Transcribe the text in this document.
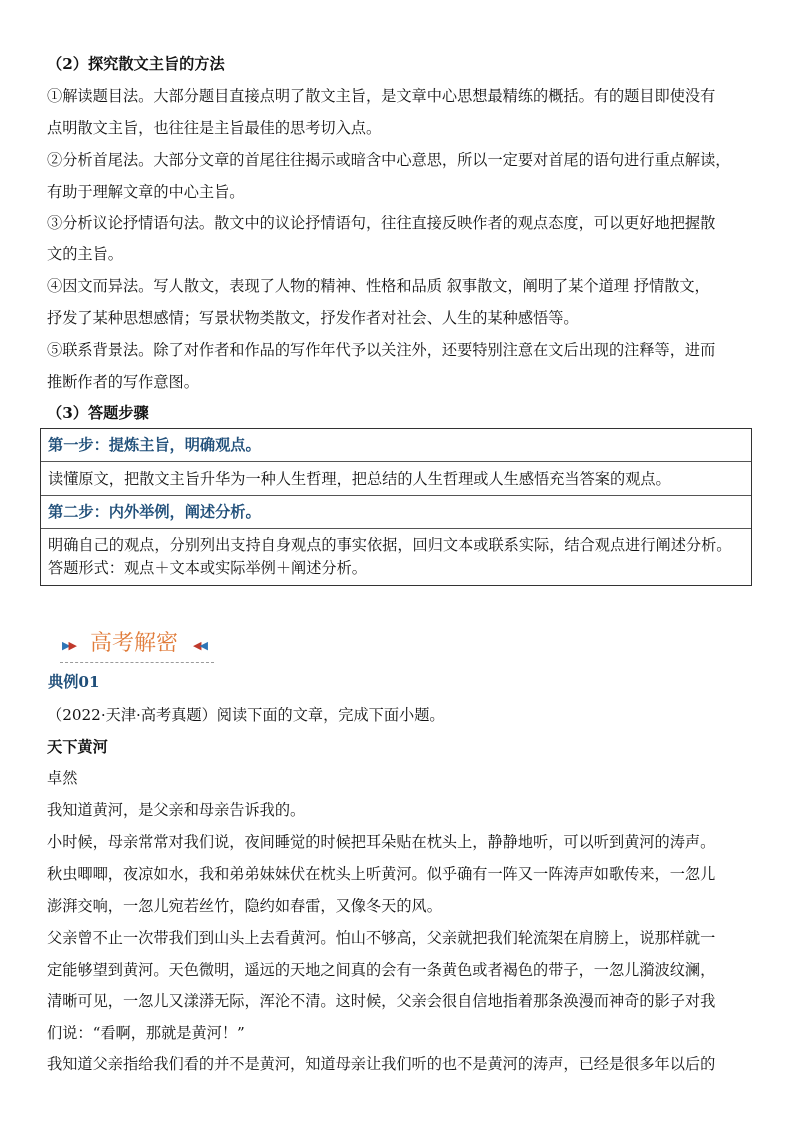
（2）探究散文主旨的方法
①解读题目法。大部分题目直接点明了散文主旨，是文章中心思想最精练的概括。有的题目即使没有
点明散文主旨，也往往是主旨最佳的思考切入点。
②分析首尾法。大部分文章的首尾往往揭示或暗含中心意思，所以一定要对首尾的语句进行重点解读，
有助于理解文章的中心主旨。
③分析议论抒情语句法。散文中的议论抒情语句，往往直接反映作者的观点态度，可以更好地把握散
文的主旨。
④因文而异法。写人散文，表现了人物的精神、性格和品质 叙事散文，阐明了某个道理 抒情散文，
抒发了某种思想感情；写景状物类散文，抒发作者对社会、人生的某种感悟等。
⑤联系背景法。除了对作者和作品的写作年代予以关注外，还要特别注意在文后出现的注释等，进而
推断作者的写作意图。
（3）答题步骤
第一步：提炼主旨，明确观点。
读懂原文，把散文主旨升华为一种人生哲理，把总结的人生哲理或人生感悟充当答案的观点。
第二步：内外举例，阐述分析。
明确自己的观点，分别列出支持自身观点的事实依据，回归文本或联系实际，结合观点进行阐述分析。
答题形式：观点＋文本或实际举例＋阐述分析。
▶▶ 高考解密 ◀◀
典例01
（2022·天津·高考真题）阅读下面的文章，完成下面小题。
天下黄河
卓然
我知道黄河，是父亲和母亲告诉我的。
小时候，母亲常常对我们说，夜间睡觉的时候把耳朵贴在枕头上，静静地听，可以听到黄河的涛声。
秋虫唧唧，夜凉如水，我和弟弟妹妹伏在枕头上听黄河。似乎确有一阵又一阵涛声如歌传来，一忽儿
澎湃交响，一忽儿宛若丝竹，隐约如春雷，又像冬天的风。
父亲曾不止一次带我们到山头上去看黄河。怕山不够高，父亲就把我们轮流架在肩膀上，说那样就一
定能够望到黄河。天色微明，遥远的天地之间真的会有一条黄色或者褐色的带子，一忽儿漪波纹澜，
清晰可见，一忽儿又漾漭无际，浑沦不清。这时候，父亲会很自信地指着那条涣漫而神奇的影子对我
们说：“看啊，那就是黄河！”
我知道父亲指给我们看的并不是黄河，知道母亲让我们听的也不是黄河的涛声，已经是很多年以后的
